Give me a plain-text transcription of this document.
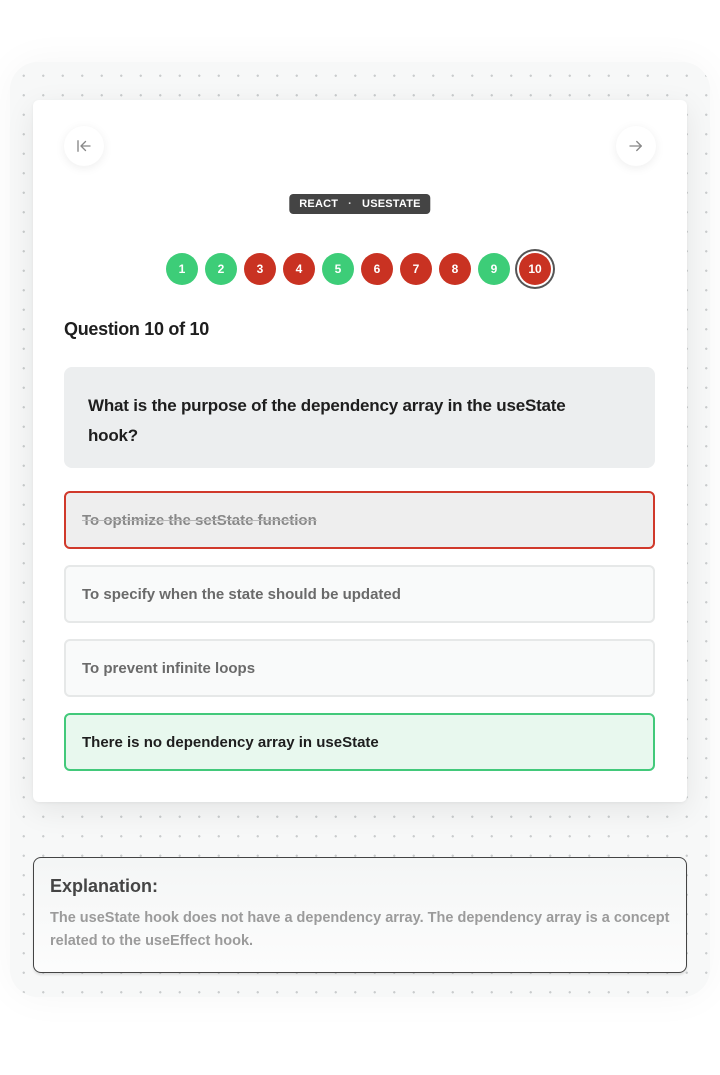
REACT · USESTATE
1	2	3	4	5	6	7	8	9	10
Question 10 of 10
What is the purpose of the dependency array in the useState hook?
To optimize the setState function
To specify when the state should be updated
To prevent infinite loops
There is no dependency array in useState
Explanation:
The useState hook does not have a dependency array. The dependency array is a concept related to the useEffect hook.
